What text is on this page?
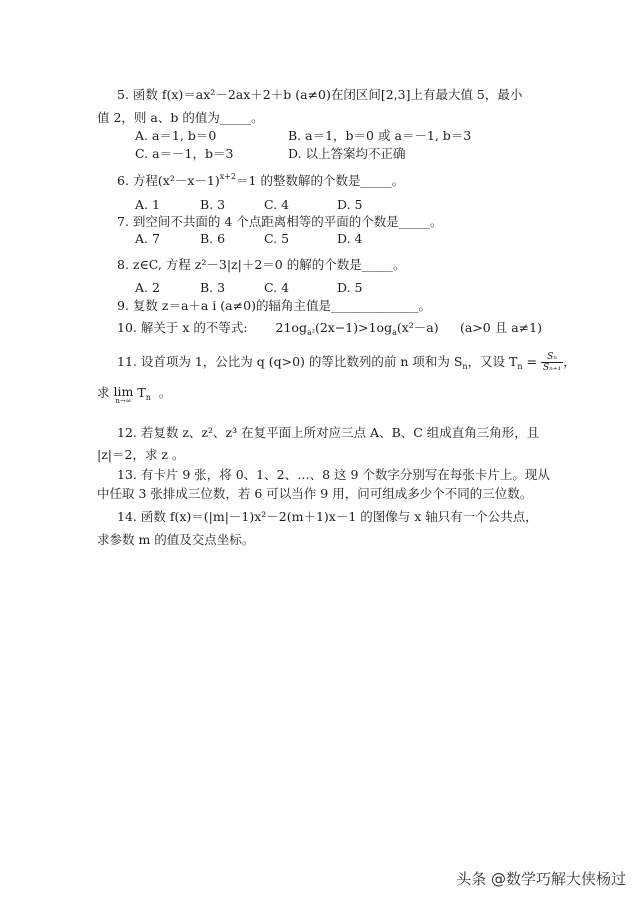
5. 函数 f(x)＝ax²－2ax＋2＋b (a≠0)在闭区间[2,3]上有最大值 5，最小
值 2，则 a、b 的值为_____。
A. a＝1, b＝0	B. a＝1，b＝0 或 a＝－1, b＝3
C. a＝－1，b＝3	D. 以上答案均不正确
6. 方程$(x^2-x-1)^{x+2}=1$ 的整数解的个数是_____。
A. 1	B. 3	C. 4	D. 5
7. 到空间不共面的 4 个点距离相等的平面的个数是_____。
A. 7	B. 6	C. 5	D. 4
8. z∈C, 方程 z²－3|z|＋2＝0 的解的个数是_____。
A. 2	B. 3	C. 4	D. 5
9. 复数 z＝a＋a i (a≠0)的辐角主值是______________。
10. 解关于 x 的不等式: $21og_{a^2}(2x-1)>1og_a(x^2-a)$ (a>0 且 a≠1)
11. 设首项为 1，公比为 q (q>0) 的等比数列的前 n 项和为 $S_n$，又设 $T_n = \frac{\text{Sₙ}}{\text{Sₙ₊₁}}$ ，
求 lim
n→∞
$T_n$ 。
12. 若复数 z、z²、z³ 在复平面上所对应三点 A、B、C 组成直角三角形，且
|z|＝2，求 z 。
13. 有卡片 9 张，将 0、1、2、…、8 这 9 个数字分别写在每张卡片上。现从
中任取 3 张排成三位数，若 6 可以当作 9 用，问可组成多少个不同的三位数。
14. 函数 f(x)＝(|m|－1)x²－2(m＋1)x－1 的图像与 x 轴只有一个公共点，
求参数 m 的值及交点坐标。
头条 @数学巧解大侠杨过
